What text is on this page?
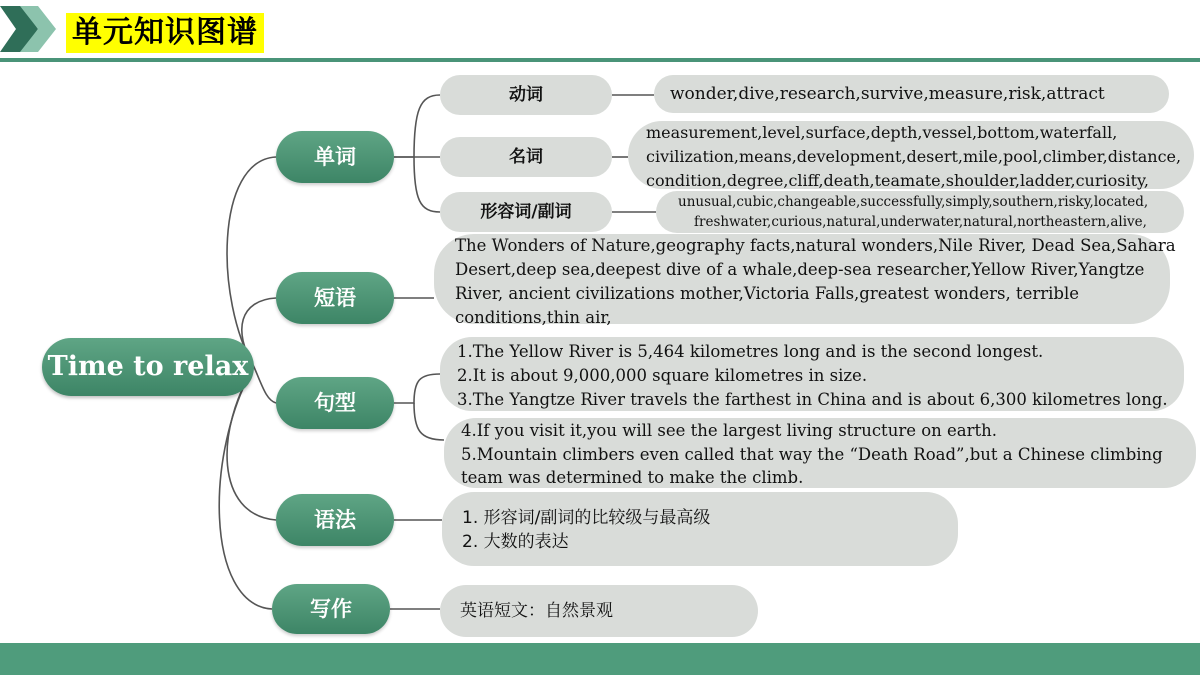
单元知识图谱
Time to relax
单词
动词
名词
形容词/副词
wonder,dive,research,survive,measure,risk,attract
measurement,level,surface,depth,vessel,bottom,waterfall,
civilization,means,development,desert,mile,pool,climber,distance,
condition,degree,cliff,death,teamate,shoulder,ladder,curiosity,
unusual,cubic,changeable,successfully,simply,southern,risky,located,
freshwater,curious,natural,underwater,natural,northeastern,alive,
短语
The Wonders of Nature,geography facts,natural wonders,Nile River, Dead Sea,Sahara
Desert,deep sea,deepest dive of a whale,deep-sea researcher,Yellow River,Yangtze
River, ancient civilizations mother,Victoria Falls,greatest wonders, terrible
conditions,thin air,
句型
1.The Yellow River is 5,464 kilometres long and is the second longest.
2.It is about 9,000,000 square kilometres in size.
3.The Yangtze River travels the farthest in China and is about 6,300 kilometres long.
4.If you visit it,you will see the largest living structure on earth.
5.Mountain climbers even called that way the “Death Road”,but a Chinese climbing
team was determined to make the climb.
语法	1. 形容词/副词的比较级与最高级
2. 大数的表达
写作	英语短文：自然景观
